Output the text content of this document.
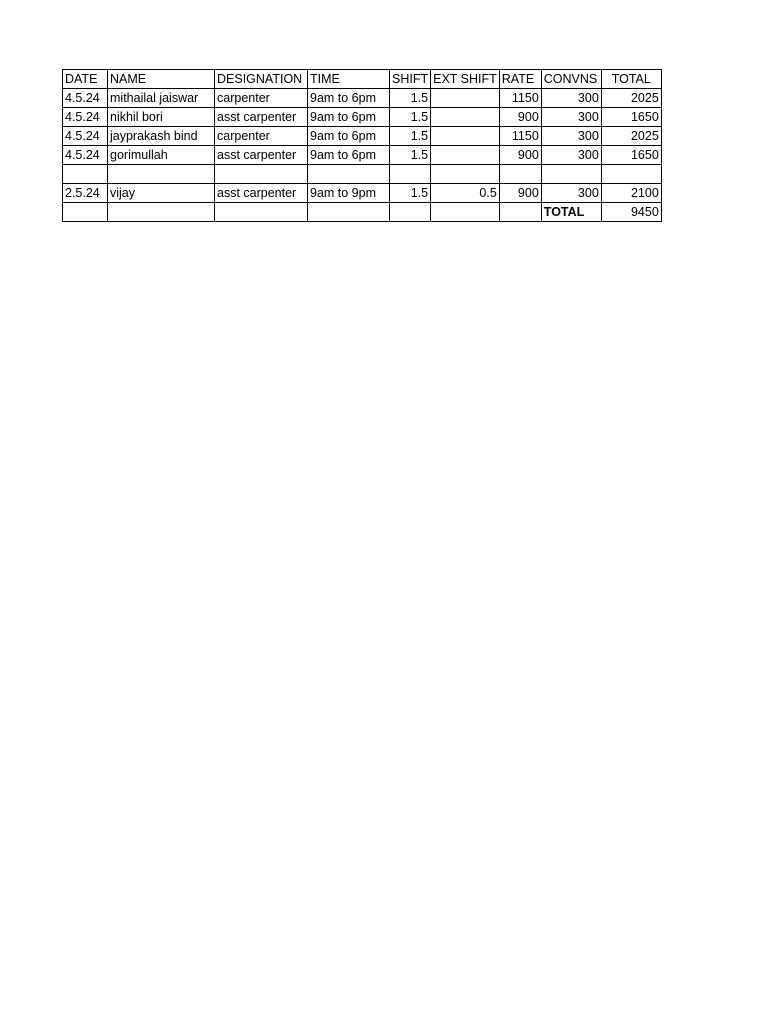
DATE	NAME	DESIGNATION	TIME	SHIFT	EXT SHIFT	RATE	CONVNS	TOTAL
4.5.24	mithailal jaiswar	carpenter	9am to 6pm	1.5		1150	300	2025
4.5.24	nikhil bori	asst carpenter	9am to 6pm	1.5		900	300	1650
4.5.24	jayprakash bind	carpenter	9am to 6pm	1.5		1150	300	2025
4.5.24	gorimullah	asst carpenter	9am to 6pm	1.5		900	300	1650

2.5.24	vijay	asst carpenter	9am to 9pm	1.5	0.5	900	300	2100
							TOTAL	9450
